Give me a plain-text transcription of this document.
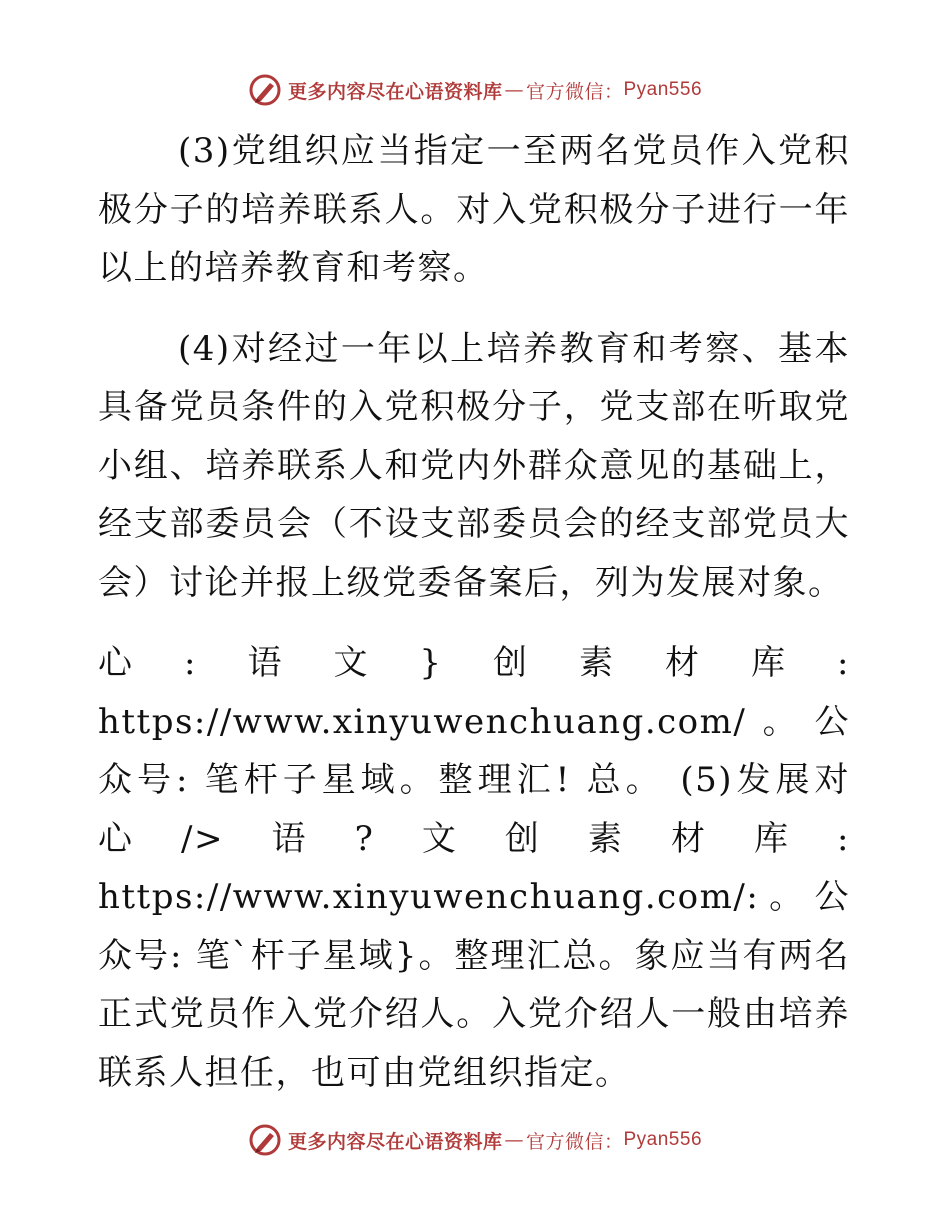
更多内容尽在心语资料库 — 官方微信： Pyan556

(3)党组织应当指定一至两名党员作入党积极分子的培养联系人。对入党积极分子进行一年以上的培养教育和考察。

(4)对经过一年以上培养教育和考察、基本具备党员条件的入党积极分子，党支部在听取党小组、培养联系人和党内外群众意见的基础上，经支部委员会（不设支部委员会的经支部党员大会）讨论并报上级党委备案后，列为发展对象。

心:语文}创素材库: https://www.xinyuwenchuang.com/。公众号: 笔杆子星域。整理汇! 总。 (5)发展对心/>语?文创素材库: https://www.xinyuwenchuang.com/:。公众号: 笔`杆子星域}。整理汇总。象应当有两名正式党员作入党介绍人。入党介绍人一般由培养联系人担任，也可由党组织指定。

更多内容尽在心语资料库 — 官方微信： Pyan556
